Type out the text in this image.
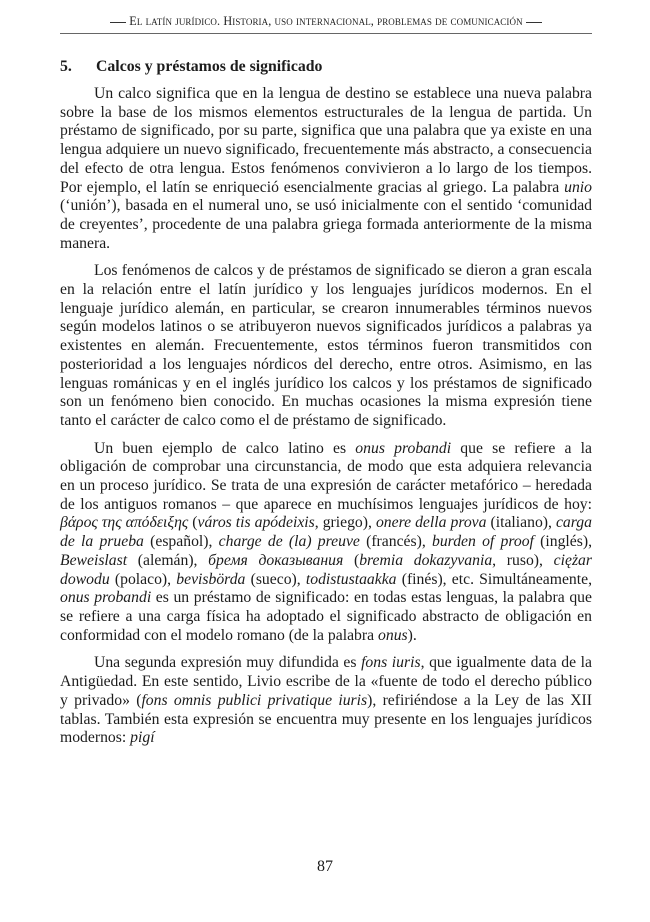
El latín jurídico. Historia, uso internacional, problemas de comunicación
5. Calcos y préstamos de significado

Un calco significa que en la lengua de destino se establece una nueva palabra sobre la base de los mismos elementos estructurales de la lengua de partida. Un préstamo de significado, por su parte, significa que una palabra que ya existe en una lengua adquiere un nuevo significado, frecuentemente más abstracto, a consecuencia del efecto de otra lengua. Estos fenómenos convivieron a lo largo de los tiempos. Por ejemplo, el latín se enriqueció esencialmente gracias al griego. La palabra unio (‘unión’), basada en el numeral uno, se usó inicialmente con el sentido ‘comunidad de creyentes’, procedente de una palabra griega formada anteriormente de la misma manera.

Los fenómenos de calcos y de préstamos de significado se dieron a gran escala en la relación entre el latín jurídico y los lenguajes jurídicos modernos. En el lenguaje jurídico alemán, en particular, se crearon innumerables términos nuevos según modelos latinos o se atribuyeron nuevos significados jurídicos a palabras ya existentes en alemán. Frecuentemente, estos términos fueron transmitidos con posterioridad a los lenguajes nórdicos del derecho, entre otros. Asimismo, en las lenguas románicas y en el inglés jurídico los calcos y los préstamos de significado son un fenómeno bien conocido. En muchas ocasiones la misma expresión tiene tanto el carácter de calco como el de préstamo de significado.

Un buen ejemplo de calco latino es onus probandi que se refiere a la obligación de comprobar una circunstancia, de modo que esta adquiera relevancia en un proceso jurídico. Se trata de una expresión de carácter metafórico – heredada de los antiguos romanos – que aparece en muchísimos lenguajes jurídicos de hoy: βάρος της απόδειξης (város tis apódeixis, griego), onere della prova (italiano), carga de la prueba (español), charge de (la) preuve (francés), burden of proof (inglés), Beweislast (alemán), бремя доказывания (bremia dokazyvania, ruso), ciężar dowodu (polaco), bevisbörda (sueco), todistustaakka (finés), etc. Simultáneamente, onus probandi es un préstamo de significado: en todas estas lenguas, la palabra que se refiere a una carga física ha adoptado el significado abstracto de obligación en conformidad con el modelo romano (de la palabra onus).

Una segunda expresión muy difundida es fons iuris, que igualmente data de la Antigüedad. En este sentido, Livio escribe de la «fuente de todo el derecho público y privado» (fons omnis publici privatique iuris), refiriéndose a la Ley de las XII tablas. También esta expresión se encuentra muy presente en los lenguajes jurídicos modernos: pigí

87
